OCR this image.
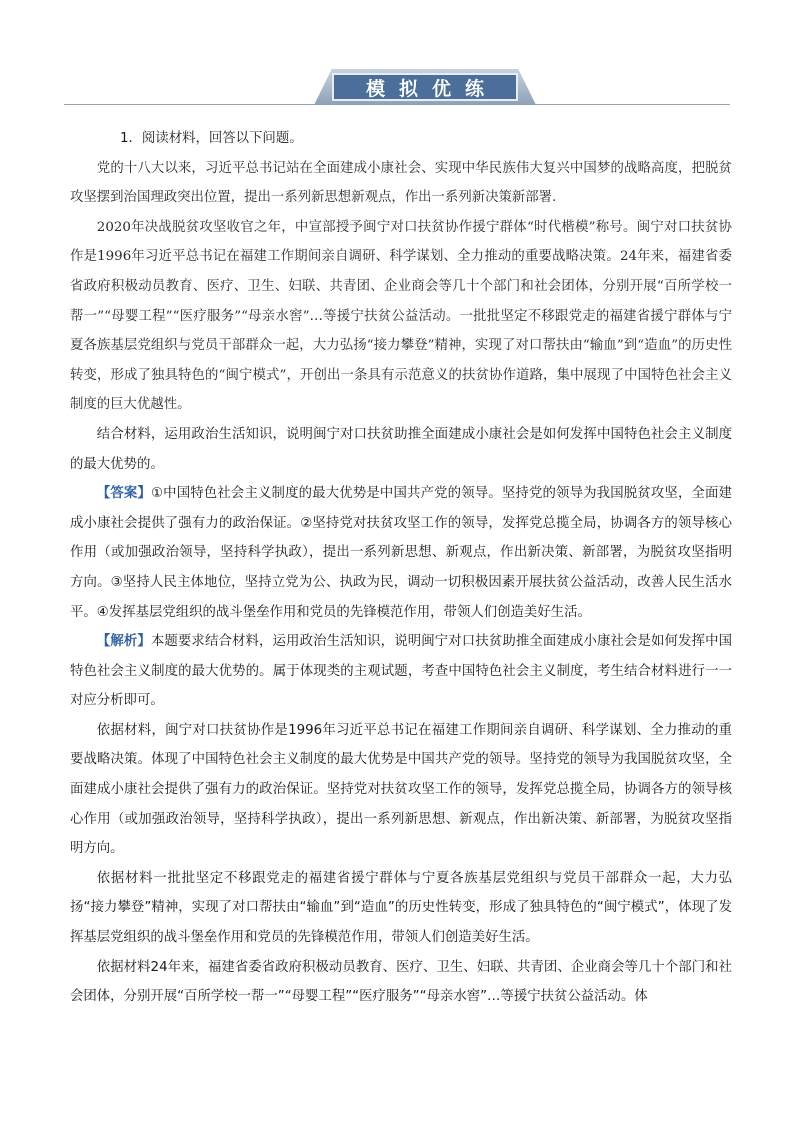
模拟优练

1．阅读材料，回答以下问题。

党的十八大以来，习近平总书记站在全面建成小康社会、实现中华民族伟大复兴中国梦的战略高度，把脱贫攻坚摆到治国理政突出位置，提出一系列新思想新观点，作出一系列新决策新部署.

2020年决战脱贫攻坚收官之年，中宣部授予闽宁对口扶贫协作援宁群体“时代楷模”称号。闽宁对口扶贫协作是1996年习近平总书记在福建工作期间亲自调研、科学谋划、全力推动的重要战略决策。24年来，福建省委省政府积极动员教育、医疗、卫生、妇联、共青团、企业商会等几十个部门和社会团体，分别开展“百所学校一帮一”“母婴工程”“医疗服务”“母亲水窖”…等援宁扶贫公益活动。一批批坚定不移跟党走的福建省援宁群体与宁夏各族基层党组织与党员干部群众一起，大力弘扬“接力攀登”精神，实现了对口帮扶由“输血”到“造血”的历史性转变，形成了独具特色的“闽宁模式”，开创出一条具有示范意义的扶贫协作道路，集中展现了中国特色社会主义制度的巨大优越性。

结合材料，运用政治生活知识，说明闽宁对口扶贫助推全面建成小康社会是如何发挥中国特色社会主义制度的最大优势的。

【答案】①中国特色社会主义制度的最大优势是中国共产党的领导。坚持党的领导为我国脱贫攻坚，全面建成小康社会提供了强有力的政治保证。②坚持党对扶贫攻坚工作的领导，发挥党总揽全局，协调各方的领导核心作用（或加强政治领导，坚持科学执政），提出一系列新思想、新观点，作出新决策、新部署，为脱贫攻坚指明方向。③坚持人民主体地位，坚持立党为公、执政为民，调动一切积极因素开展扶贫公益活动，改善人民生活水平。④发挥基层党组织的战斗堡垒作用和党员的先锋模范作用，带领人们创造美好生活。

【解析】本题要求结合材料，运用政治生活知识，说明闽宁对口扶贫助推全面建成小康社会是如何发挥中国特色社会主义制度的最大优势的。属于体现类的主观试题，考查中国特色社会主义制度，考生结合材料进行一一对应分析即可。

依据材料，闽宁对口扶贫协作是1996年习近平总书记在福建工作期间亲自调研、科学谋划、全力推动的重要战略决策。体现了中国特色社会主义制度的最大优势是中国共产党的领导。坚持党的领导为我国脱贫攻坚，全面建成小康社会提供了强有力的政治保证。坚持党对扶贫攻坚工作的领导，发挥党总揽全局，协调各方的领导核心作用（或加强政治领导，坚持科学执政），提出一系列新思想、新观点，作出新决策、新部署，为脱贫攻坚指明方向。

依据材料一批批坚定不移跟党走的福建省援宁群体与宁夏各族基层党组织与党员干部群众一起，大力弘扬“接力攀登”精神，实现了对口帮扶由“输血”到“造血”的历史性转变，形成了独具特色的“闽宁模式”，体现了发挥基层党组织的战斗堡垒作用和党员的先锋模范作用，带领人们创造美好生活。

依据材料24年来，福建省委省政府积极动员教育、医疗、卫生、妇联、共青团、企业商会等几十个部门和社会团体，分别开展“百所学校一帮一”“母婴工程”“医疗服务”“母亲水窖”…等援宁扶贫公益活动。体
